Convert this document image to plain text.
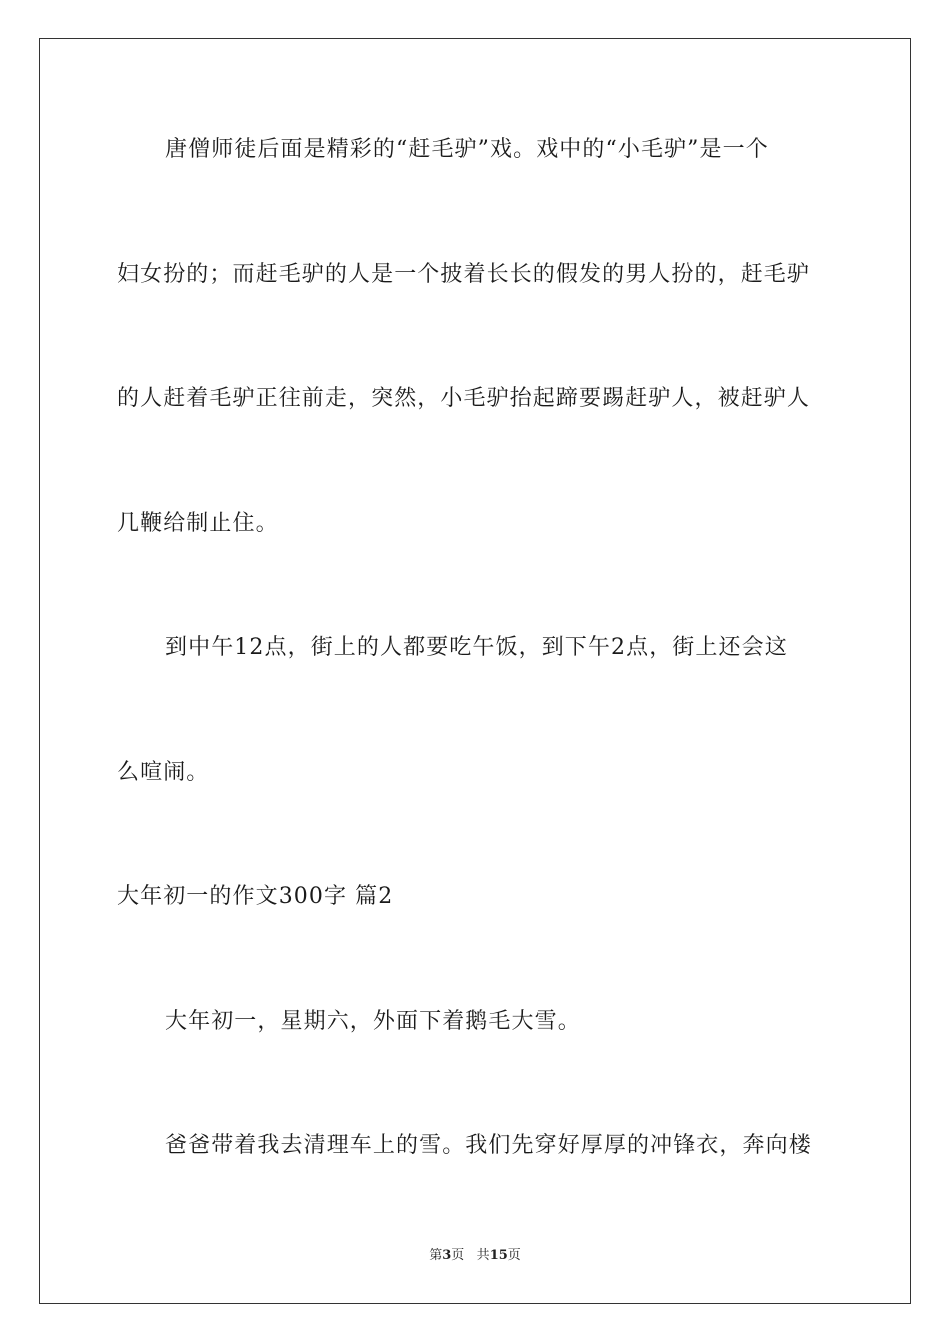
唐僧师徒后面是精彩的“赶毛驴”戏。戏中的“小毛驴”是一个
妇女扮的；而赶毛驴的人是一个披着长长的假发的男人扮的，赶毛驴
的人赶着毛驴正往前走，突然，小毛驴抬起蹄要踢赶驴人，被赶驴人
几鞭给制止住。
到中午12点，街上的人都要吃午饭，到下午2点，街上还会这
么喧闹。
大年初一的作文300字 篇2
大年初一，星期六，外面下着鹅毛大雪。
爸爸带着我去清理车上的雪。我们先穿好厚厚的冲锋衣，奔向楼
第3页 共15页
